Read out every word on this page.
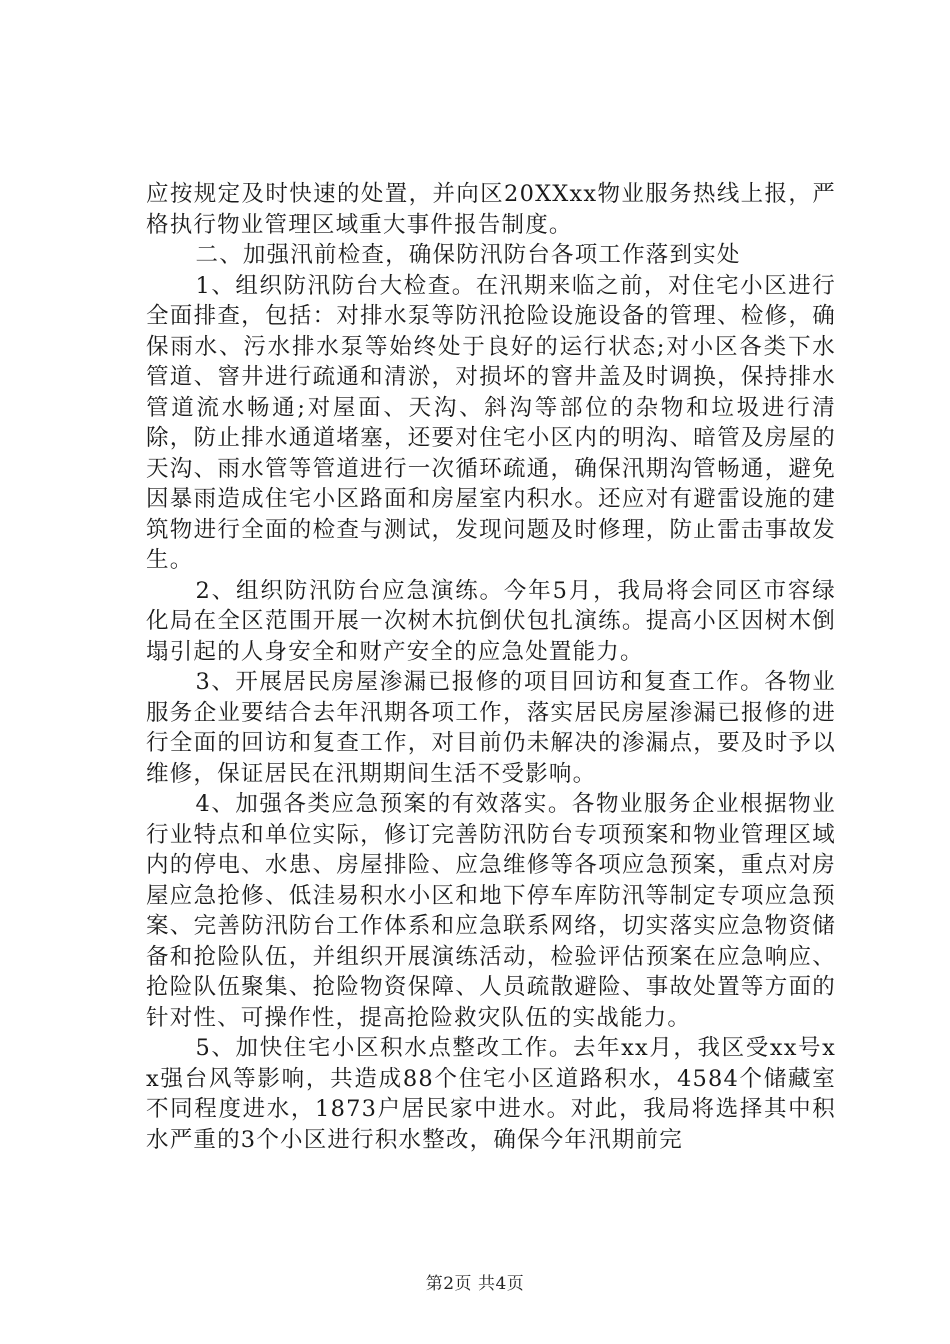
应按规定及时快速的处置，并向区20XXxx物业服务热线上报，严格执行物业管理区域重大事件报告制度。

二、加强汛前检查，确保防汛防台各项工作落到实处

1、组织防汛防台大检查。在汛期来临之前，对住宅小区进行全面排查，包括：对排水泵等防汛抢险设施设备的管理、检修，确保雨水、污水排水泵等始终处于良好的运行状态;对小区各类下水管道、窨井进行疏通和清淤，对损坏的窨井盖及时调换，保持排水管道流水畅通;对屋面、天沟、斜沟等部位的杂物和垃圾进行清除，防止排水通道堵塞，还要对住宅小区内的明沟、暗管及房屋的天沟、雨水管等管道进行一次循环疏通，确保汛期沟管畅通，避免因暴雨造成住宅小区路面和房屋室内积水。还应对有避雷设施的建筑物进行全面的检查与测试，发现问题及时修理，防止雷击事故发生。

2、组织防汛防台应急演练。今年5月，我局将会同区市容绿化局在全区范围开展一次树木抗倒伏包扎演练。提高小区因树木倒塌引起的人身安全和财产安全的应急处置能力。

3、开展居民房屋渗漏已报修的项目回访和复查工作。各物业服务企业要结合去年汛期各项工作，落实居民房屋渗漏已报修的进行全面的回访和复查工作，对目前仍未解决的渗漏点，要及时予以维修，保证居民在汛期期间生活不受影响。

4、加强各类应急预案的有效落实。各物业服务企业根据物业行业特点和单位实际，修订完善防汛防台专项预案和物业管理区域内的停电、水患、房屋排险、应急维修等各项应急预案，重点对房屋应急抢修、低洼易积水小区和地下停车库防汛等制定专项应急预案、完善防汛防台工作体系和应急联系网络，切实落实应急物资储备和抢险队伍，并组织开展演练活动，检验评估预案在应急响应、抢险队伍聚集、抢险物资保障、人员疏散避险、事故处置等方面的针对性、可操作性，提高抢险救灾队伍的实战能力。

5、加快住宅小区积水点整改工作。去年xx月，我区受xx号xx强台风等影响，共造成88个住宅小区道路积水，4584个储藏室不同程度进水，1873户居民家中进水。对此，我局将选择其中积水严重的3个小区进行积水整改，确保今年汛期前完

第2页 共4页
